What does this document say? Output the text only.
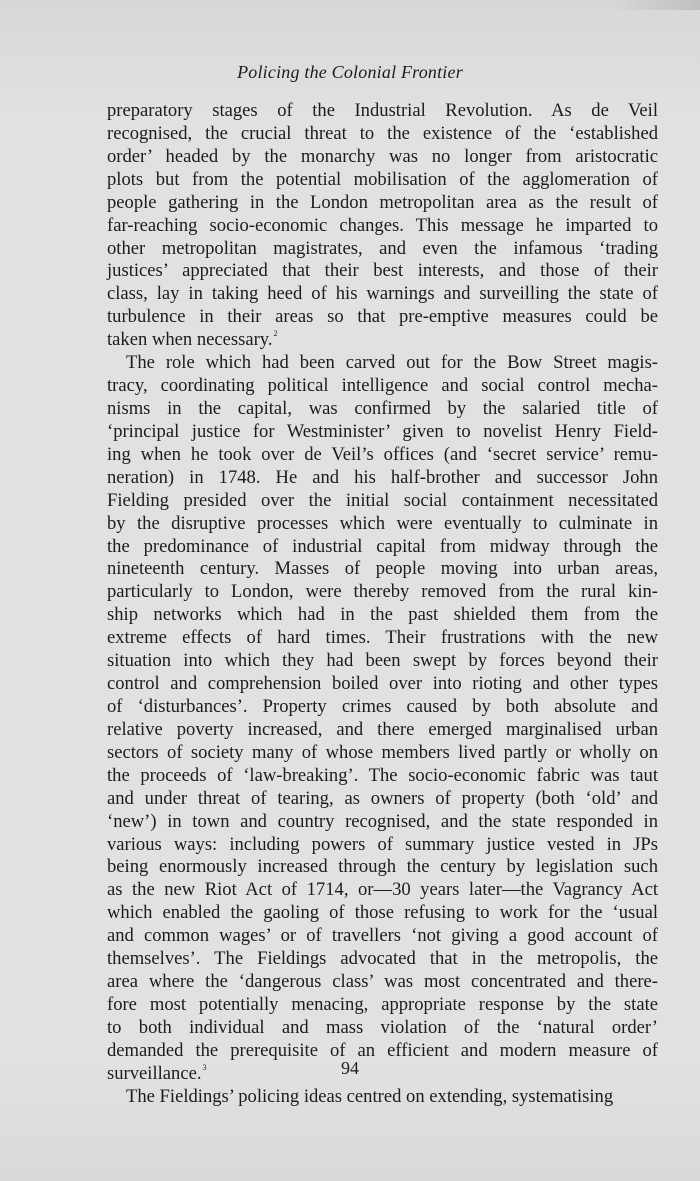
Policing the Colonial Frontier
preparatory stages of the Industrial Revolution. As de Veil
recognised, the crucial threat to the existence of the ‘established
order’ headed by the monarchy was no longer from aristocratic
plots but from the potential mobilisation of the agglomeration of
people gathering in the London metropolitan area as the result of
far-reaching socio-economic changes. This message he imparted to
other metropolitan magistrates, and even the infamous ‘trading
justices’ appreciated that their best interests, and those of their
class, lay in taking heed of his warnings and surveilling the state of
turbulence in their areas so that pre-emptive measures could be
taken when necessary.$^2$
The role which had been carved out for the Bow Street magis-
tracy, coordinating political intelligence and social control mecha-
nisms in the capital, was confirmed by the salaried title of
‘principal justice for Westminister’ given to novelist Henry Field-
ing when he took over de Veil’s offices (and ‘secret service’ remu-
neration) in 1748. He and his half-brother and successor John
Fielding presided over the initial social containment necessitated
by the disruptive processes which were eventually to culminate in
the predominance of industrial capital from midway through the
nineteenth century. Masses of people moving into urban areas,
particularly to London, were thereby removed from the rural kin-
ship networks which had in the past shielded them from the
extreme effects of hard times. Their frustrations with the new
situation into which they had been swept by forces beyond their
control and comprehension boiled over into rioting and other types
of ‘disturbances’. Property crimes caused by both absolute and
relative poverty increased, and there emerged marginalised urban
sectors of society many of whose members lived partly or wholly on
the proceeds of ‘law-breaking’. The socio-economic fabric was taut
and under threat of tearing, as owners of property (both ‘old’ and
‘new’) in town and country recognised, and the state responded in
various ways: including powers of summary justice vested in JPs
being enormously increased through the century by legislation such
as the new Riot Act of 1714, or—30 years later—the Vagrancy Act
which enabled the gaoling of those refusing to work for the ‘usual
and common wages’ or of travellers ‘not giving a good account of
themselves’. The Fieldings advocated that in the metropolis, the
area where the ‘dangerous class’ was most concentrated and there-
fore most potentially menacing, appropriate response by the state
to both individual and mass violation of the ‘natural order’
demanded the prerequisite of an efficient and modern measure of
surveillance.$^3$
The Fieldings’ policing ideas centred on extending, systematising
94
